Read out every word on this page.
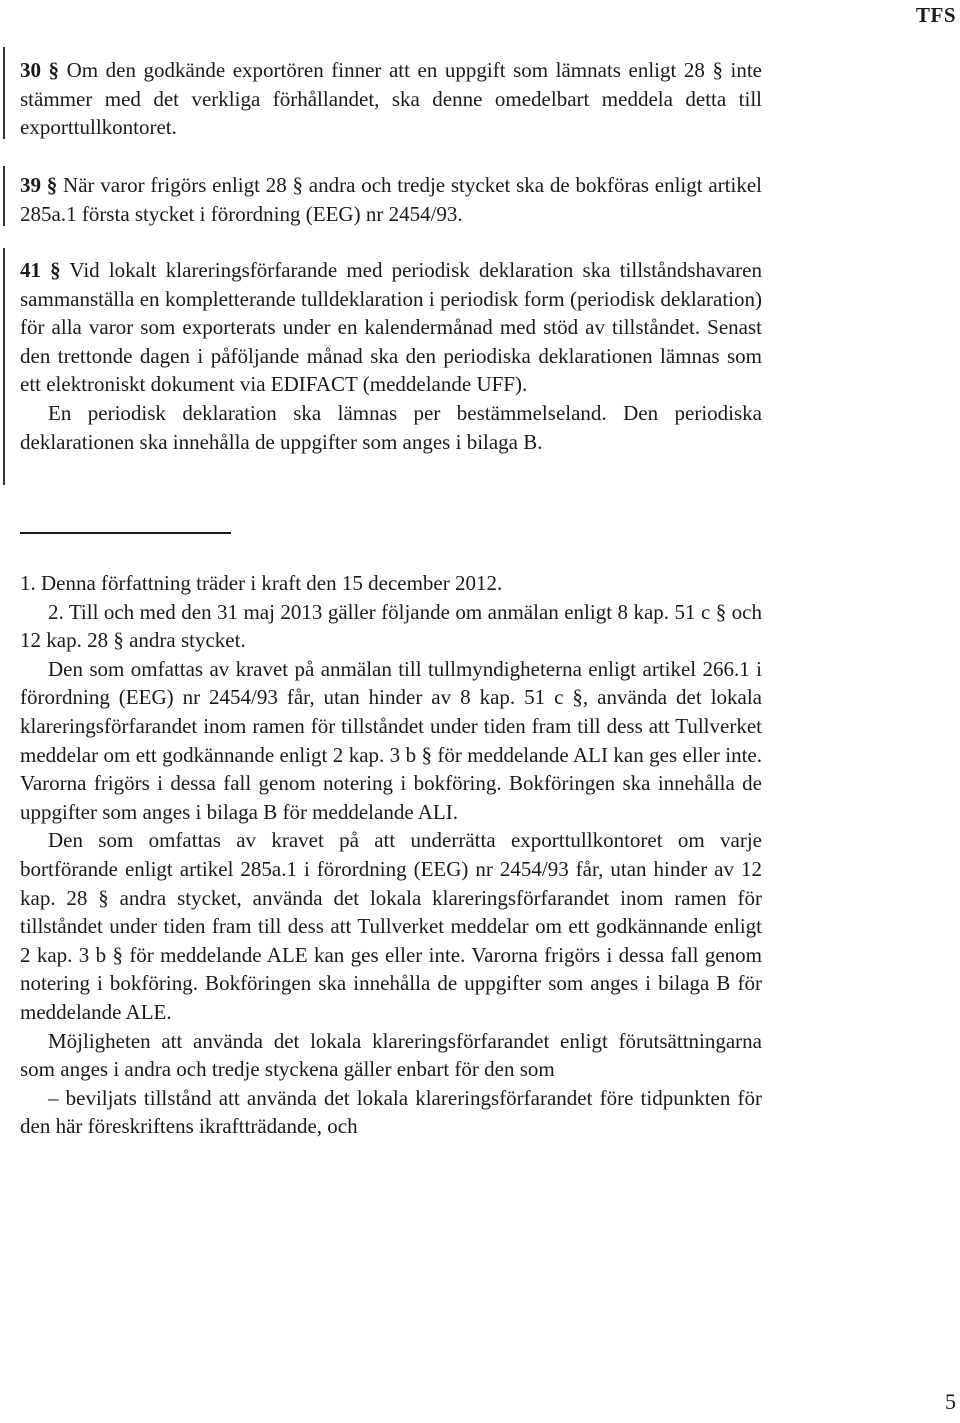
TFS

30 § Om den godkände exportören finner att en uppgift som lämnats enligt 28 § inte stämmer med det verkliga förhållandet, ska denne omedelbart meddela detta till exporttullkontoret.

39 § När varor frigörs enligt 28 § andra och tredje stycket ska de bokföras enligt artikel 285a.1 första stycket i förordning (EEG) nr 2454/93.

41 § Vid lokalt klareringsförfarande med periodisk deklaration ska tillståndshavaren sammanställa en kompletterande tulldeklaration i periodisk form (periodisk deklaration) för alla varor som exporterats under en kalendermånad med stöd av tillståndet. Senast den trettonde dagen i påföljande månad ska den periodiska deklarationen lämnas som ett elektroniskt dokument via EDIFACT (meddelande UFF).

En periodisk deklaration ska lämnas per bestämmelseland. Den periodiska deklarationen ska innehålla de uppgifter som anges i bilaga B.

1. Denna författning träder i kraft den 15 december 2012.

2. Till och med den 31 maj 2013 gäller följande om anmälan enligt 8 kap. 51 c § och 12 kap. 28 § andra stycket.

Den som omfattas av kravet på anmälan till tullmyndigheterna enligt artikel 266.1 i förordning (EEG) nr 2454/93 får, utan hinder av 8 kap. 51 c §, använda det lokala klareringsförfarandet inom ramen för tillståndet under tiden fram till dess att Tullverket meddelar om ett godkännande enligt 2 kap. 3 b § för meddelande ALI kan ges eller inte. Varorna frigörs i dessa fall genom notering i bokföring. Bokföringen ska innehålla de uppgifter som anges i bilaga B för meddelande ALI.

Den som omfattas av kravet på att underrätta exporttullkontoret om varje bortförande enligt artikel 285a.1 i förordning (EEG) nr 2454/93 får, utan hinder av 12 kap. 28 § andra stycket, använda det lokala klareringsförfarandet inom ramen för tillståndet under tiden fram till dess att Tullverket meddelar om ett godkännande enligt 2 kap. 3 b § för meddelande ALE kan ges eller inte. Varorna frigörs i dessa fall genom notering i bokföring. Bokföringen ska innehålla de uppgifter som anges i bilaga B för meddelande ALE.

Möjligheten att använda det lokala klareringsförfarandet enligt förutsättningarna som anges i andra och tredje styckena gäller enbart för den som

– beviljats tillstånd att använda det lokala klareringsförfarandet före tidpunkten för den här föreskriftens ikraftträdande, och

5
